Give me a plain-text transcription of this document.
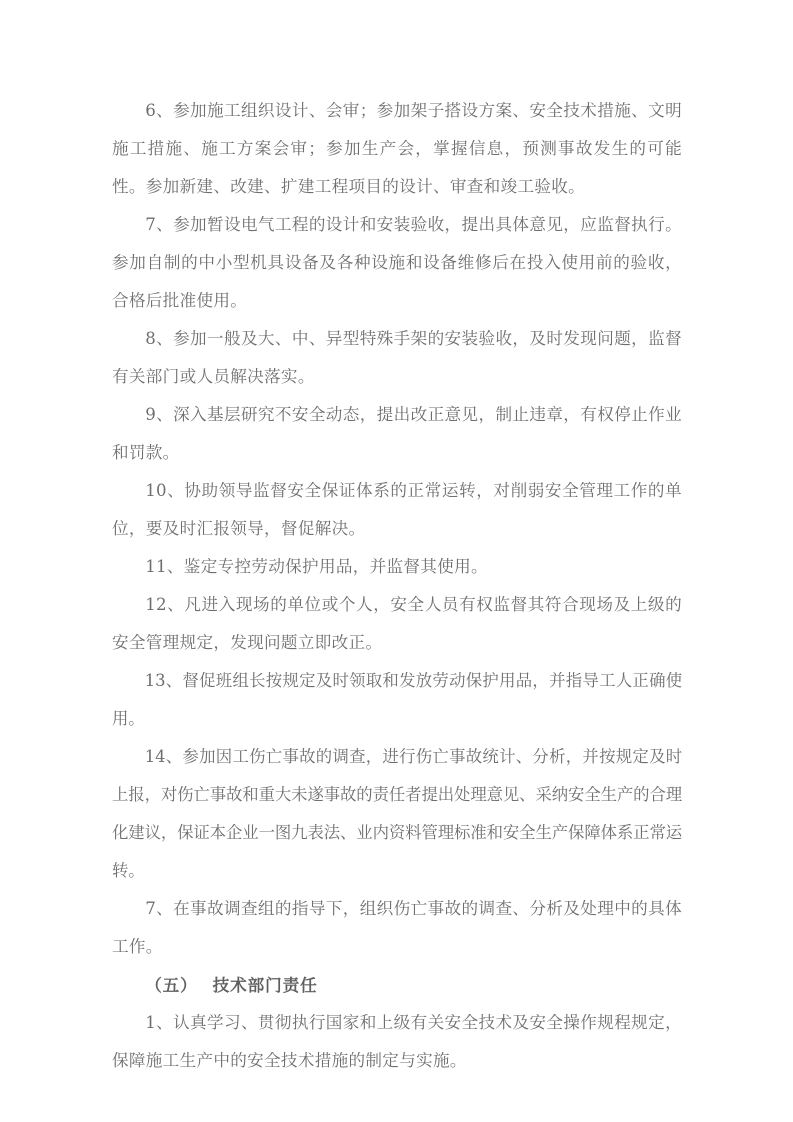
6、参加施工组织设计、会审；参加架子搭设方案、安全技术措施、文明施工措施、施工方案会审；参加生产会，掌握信息，预测事故发生的可能性。参加新建、改建、扩建工程项目的设计、审查和竣工验收。

7、参加暂设电气工程的设计和安装验收，提出具体意见，应监督执行。参加自制的中小型机具设备及各种设施和设备维修后在投入使用前的验收，合格后批准使用。

8、参加一般及大、中、异型特殊手架的安装验收，及时发现问题，监督有关部门或人员解决落实。

9、深入基层研究不安全动态，提出改正意见，制止违章，有权停止作业和罚款。

10、协助领导监督安全保证体系的正常运转，对削弱安全管理工作的单位，要及时汇报领导，督促解决。

11、鉴定专控劳动保护用品，并监督其使用。

12、凡进入现场的单位或个人，安全人员有权监督其符合现场及上级的安全管理规定，发现问题立即改正。

13、督促班组长按规定及时领取和发放劳动保护用品，并指导工人正确使用。

14、参加因工伤亡事故的调查，进行伤亡事故统计、分析，并按规定及时上报，对伤亡事故和重大未遂事故的责任者提出处理意见、采纳安全生产的合理化建议，保证本企业一图九表法、业内资料管理标准和安全生产保障体系正常运转。

7、在事故调查组的指导下，组织伤亡事故的调查、分析及处理中的具体工作。

（五） 技术部门责任

1、认真学习、贯彻执行国家和上级有关安全技术及安全操作规程规定，保障施工生产中的安全技术措施的制定与实施。
